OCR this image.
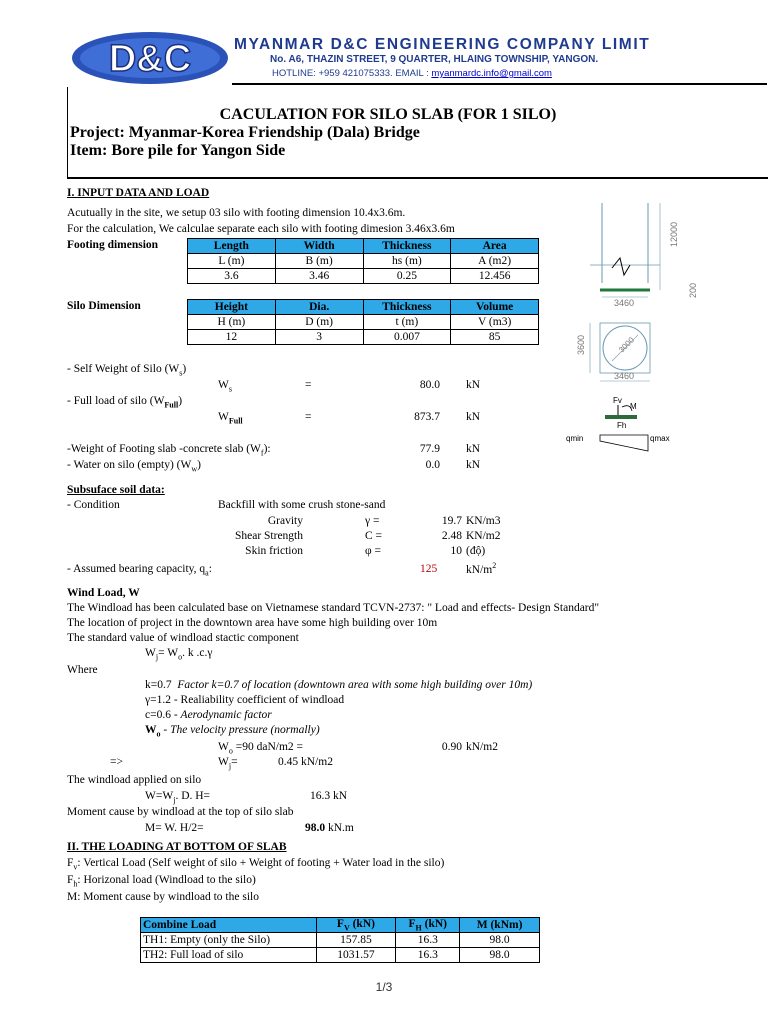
D&C	MYANMAR D&C ENGINEERING COMPANY LIMIT
No. A6, THAZIN STREET, 9 QUARTER, HLAING TOWNSHIP, YANGON.
HOTLINE: +959 421075333. EMAIL : myanmardc.info@gmail.com
CACULATION FOR SILO SLAB (FOR 1 SILO)
Project: Myanmar-Korea Friendship (Dala) Bridge
Item: Bore pile for Yangon Side
I. INPUT DATA AND LOAD
Acutually in the site, we setup 03 silo with footing dimension 10.4x3.6m.
For the calculation, We calculae separate each silo with footing dimesion 3.46x3.6m
Footing dimension	Length	Width	Thickness	Area
L (m)	B (m)	hs (m)	A (m2)
3.6	3.46	0.25	12.456
Silo Dimension	Height	Dia.	Thickness	Volume
H (m)	D (m)	t (m)	V (m3)
12	3	0.007	85
- Self Weight of Silo $(W_s)$
$W_s$	=	80.0 kN
- Full load of silo $(W_{Full})$
$W_{Full}$	=	873.7 kN
-Weight of Footing slab -concrete slab $(W_f)$:	77.9 kN
- Water on silo (empty) $(W_w)$	0.0 kN
Subsuface soil data:
- Condition	Backfill with some crush stone-sand
Gravity	γ =	19.7 KN/m3
Shear Strength	C =	2.48 KN/m2
Skin friction	φ =	10 (độ)
- Assumed bearing capacity, $q_a$:	125	$kN/m^2$
Wind Load, W
The Windload has been calculated base on Vietnamese standard TCVN-2737: " Load and effects- Design Standard"
The location of project in the downtown area have some high building over 10m
The standard value of windload stactic component
$W_j= W_o$. k .c.γ
Where
k=0.7 Factor k=0.7 of location (downtown area with some high building over 10m)
γ=1.2 - Realiability coefficient of windload
c=0.6 - Aerodynamic factor
$W_o$ - The velocity pressure (normally)
$W_o =90$ daN/m2 =	0.90 kN/m2
=>	$W_j=$	0.45 kN/m2
The windload applied on silo
$W=W_j$. D. H=	16.3 kN
Moment cause by windload at the top of silo slab
M= W. H/2=	98.0 kN.m
II. THE LOADING AT BOTTOM OF SLAB
$F_v$: Vertical Load (Self weight of silo + Weight of footing + Water load in the silo)
$F_h$: Horizonal load (Windload to the silo)
M: Moment cause by windload to the silo
Combine Load	$F_V$ (kN)	$F_H$ (kN)	M (kNm)
TH1: Empty (only the Silo)	157.85	16.3	98.0
TH2: Full load of silo	1031.57	16.3	98.0
12000
3460
200
3000
3600
3460
Fv
M
Fh
qmin	qmax
1/3
